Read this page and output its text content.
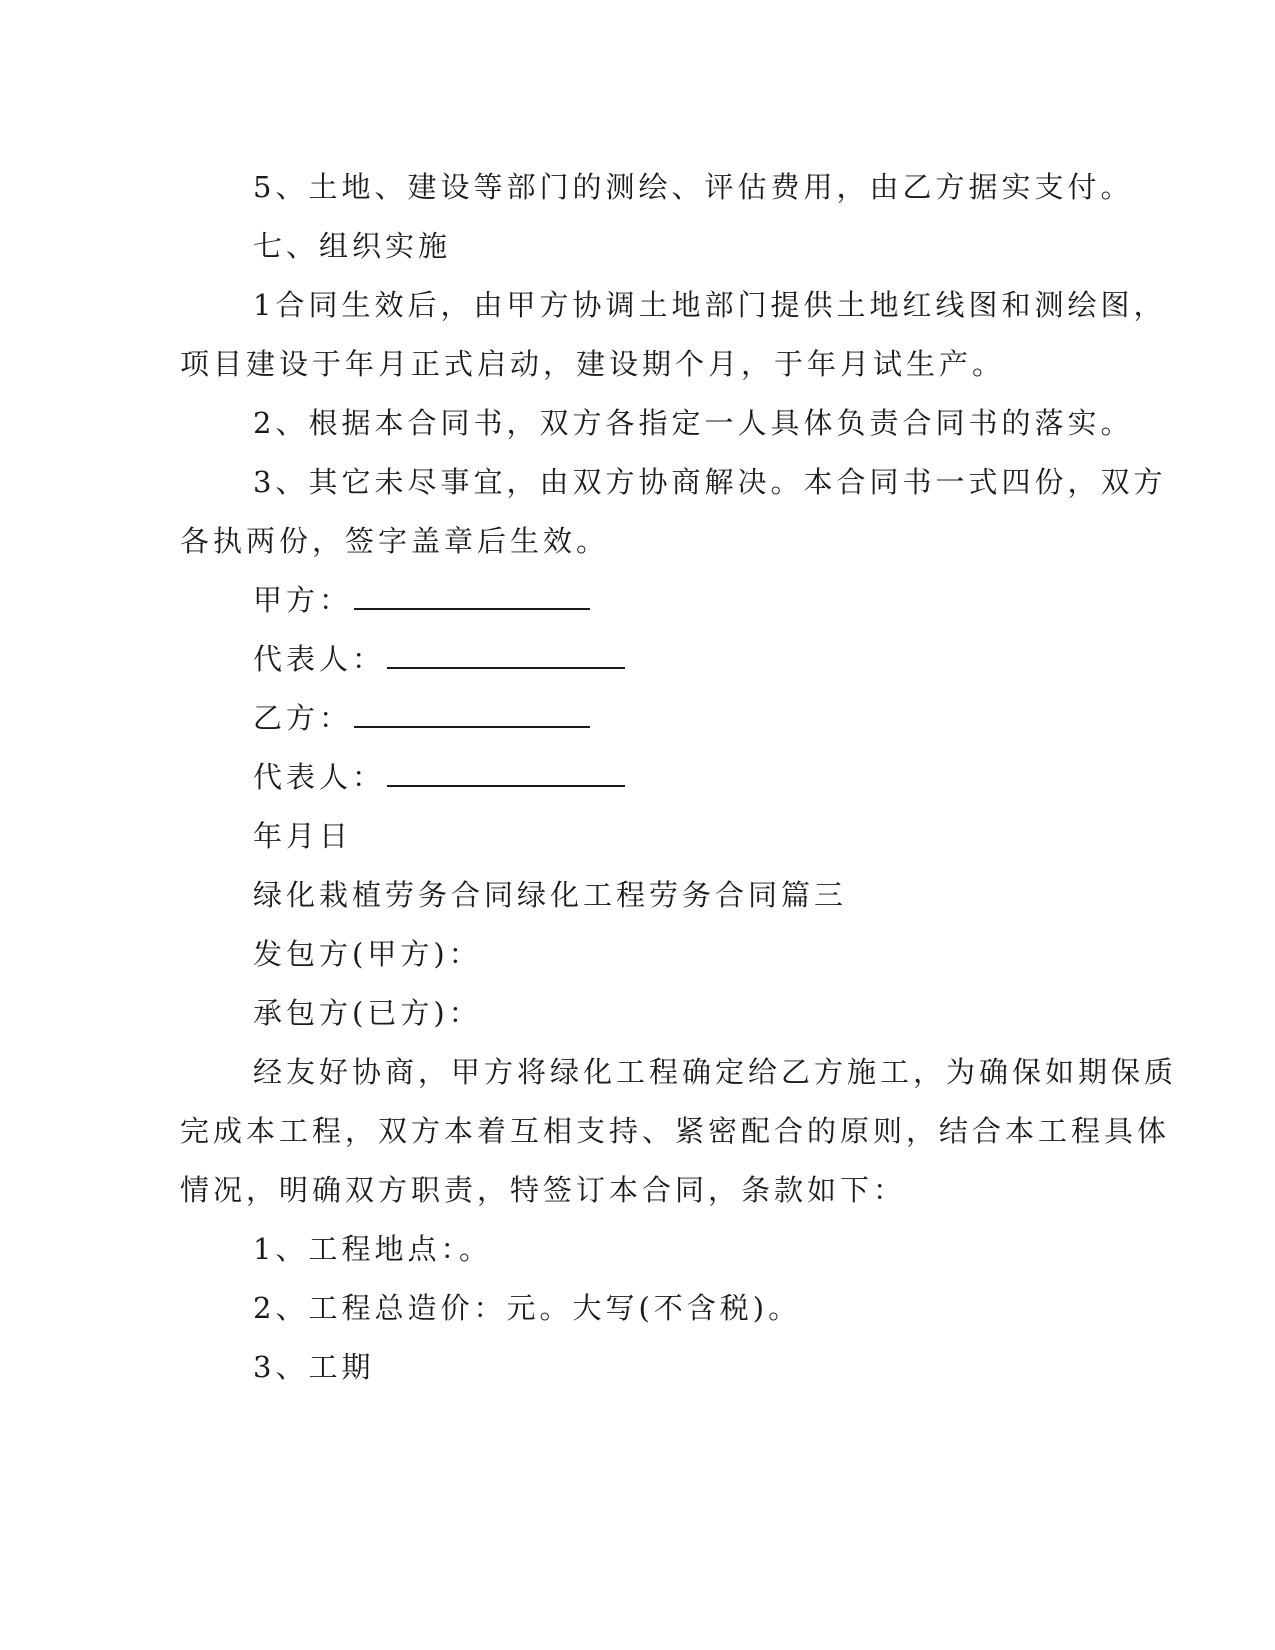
5、土地、建设等部门的测绘、评估费用，由乙方据实支付。

七、组织实施

1合同生效后，由甲方协调土地部门提供土地红线图和测绘图，

项目建设于年月正式启动，建设期个月，于年月试生产。

2、根据本合同书，双方各指定一人具体负责合同书的落实。

3、其它未尽事宜，由双方协商解决。本合同书一式四份，双方

各执两份，签字盖章后生效。

甲方：

代表人：

乙方：

代表人：

年月日

绿化栽植劳务合同绿化工程劳务合同篇三

发包方(甲方)：

承包方(已方)：

经友好协商，甲方将绿化工程确定给乙方施工，为确保如期保质

完成本工程，双方本着互相支持、紧密配合的原则，结合本工程具体

情况，明确双方职责，特签订本合同，条款如下：

1、工程地点：。

2、工程总造价：元。大写(不含税)。

3、工期
